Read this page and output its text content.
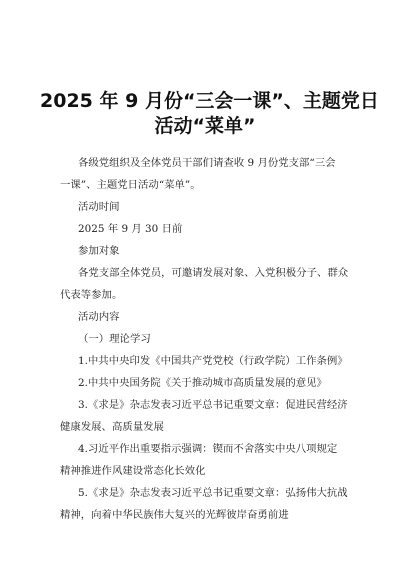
2025 年 9 月份“三会一课”、主题党日
活动“菜单”
各级党组织及全体党员干部们请查收 9 月份党支部“三会
一课”、主题党日活动“菜单”。
活动时间
2025 年 9 月 30 日前
参加对象
各党支部全体党员，可邀请发展对象、入党积极分子、群众
代表等参加。
活动内容
（一）理论学习
1.中共中央印发《中国共产党党校（行政学院）工作条例》
2.中共中央国务院《关于推动城市高质量发展的意见》
3.《求是》杂志发表习近平总书记重要文章：促进民营经济
健康发展、高质量发展
4.习近平作出重要指示强调：锲而不舍落实中央八项规定
精神推进作风建设常态化长效化
5.《求是》杂志发表习近平总书记重要文章：弘扬伟大抗战
精神，向着中华民族伟大复兴的光辉彼岸奋勇前进
